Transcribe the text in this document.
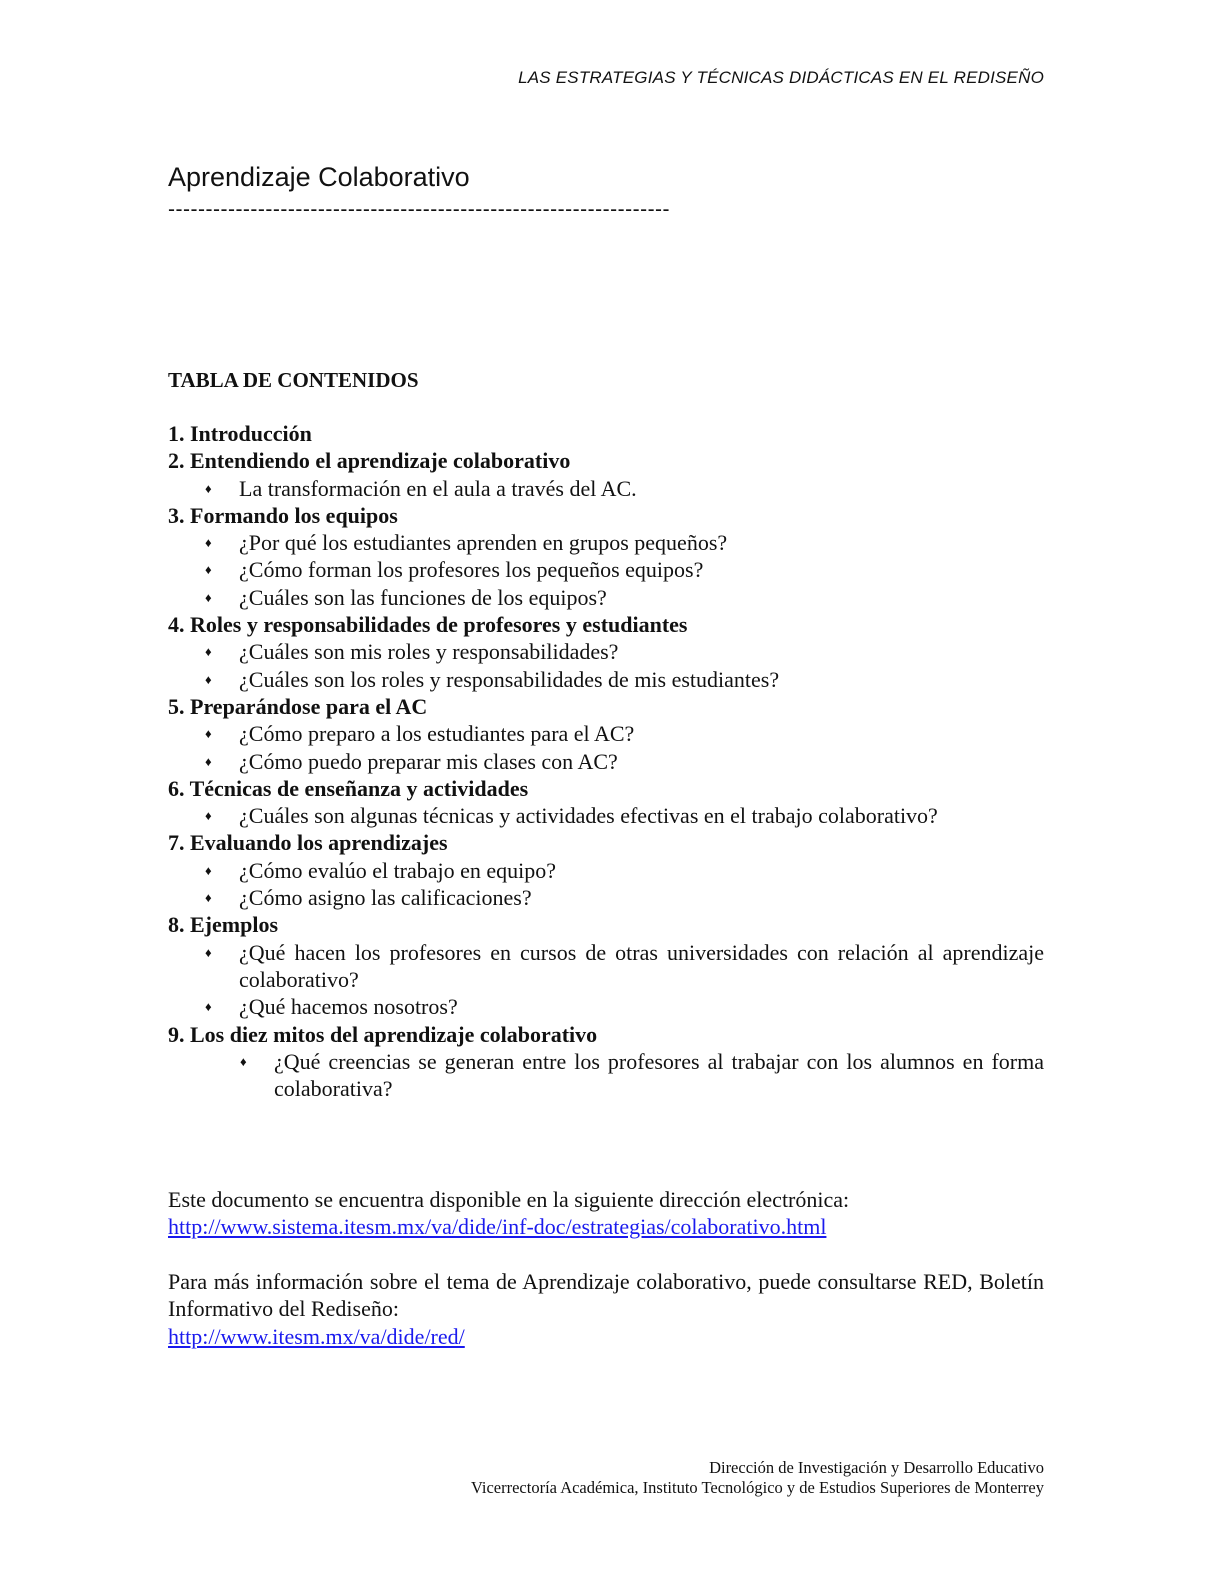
LAS ESTRATEGIAS Y TÉCNICAS DIDÁCTICAS EN EL REDISEÑO
Aprendizaje Colaborativo
-------------------------------------------------------------------
TABLA DE CONTENIDOS
1. Introducción
2. Entendiendo el aprendizaje colaborativo
♦ La transformación en el aula a través del AC.
3. Formando los equipos
♦ ¿Por qué los estudiantes aprenden en grupos pequeños?
♦ ¿Cómo forman los profesores los pequeños equipos?
♦ ¿Cuáles son las funciones de los equipos?
4. Roles y responsabilidades de profesores y estudiantes
♦ ¿Cuáles son mis roles y responsabilidades?
♦ ¿Cuáles son los roles y responsabilidades de mis estudiantes?
5. Preparándose para el AC
♦ ¿Cómo preparo a los estudiantes para el AC?
♦ ¿Cómo puedo preparar mis clases con AC?
6. Técnicas de enseñanza y actividades
♦ ¿Cuáles son algunas técnicas y actividades efectivas en el trabajo colaborativo?
7. Evaluando los aprendizajes
♦ ¿Cómo evalúo el trabajo en equipo?
♦ ¿Cómo asigno las calificaciones?
8. Ejemplos
♦ ¿Qué hacen los profesores en cursos de otras universidades con relación al aprendizaje colaborativo?
♦ ¿Qué hacemos nosotros?
9. Los diez mitos del aprendizaje colaborativo
♦ ¿Qué creencias se generan entre los profesores al trabajar con los alumnos en forma colaborativa?
Este documento se encuentra disponible en la siguiente dirección electrónica:
http://www.sistema.itesm.mx/va/dide/inf-doc/estrategias/colaborativo.html
Para más información sobre el tema de Aprendizaje colaborativo, puede consultarse RED, Boletín Informativo del Rediseño:
http://www.itesm.mx/va/dide/red/
Dirección de Investigación y Desarrollo Educativo
Vicerrectoría Académica, Instituto Tecnológico y de Estudios Superiores de Monterrey
